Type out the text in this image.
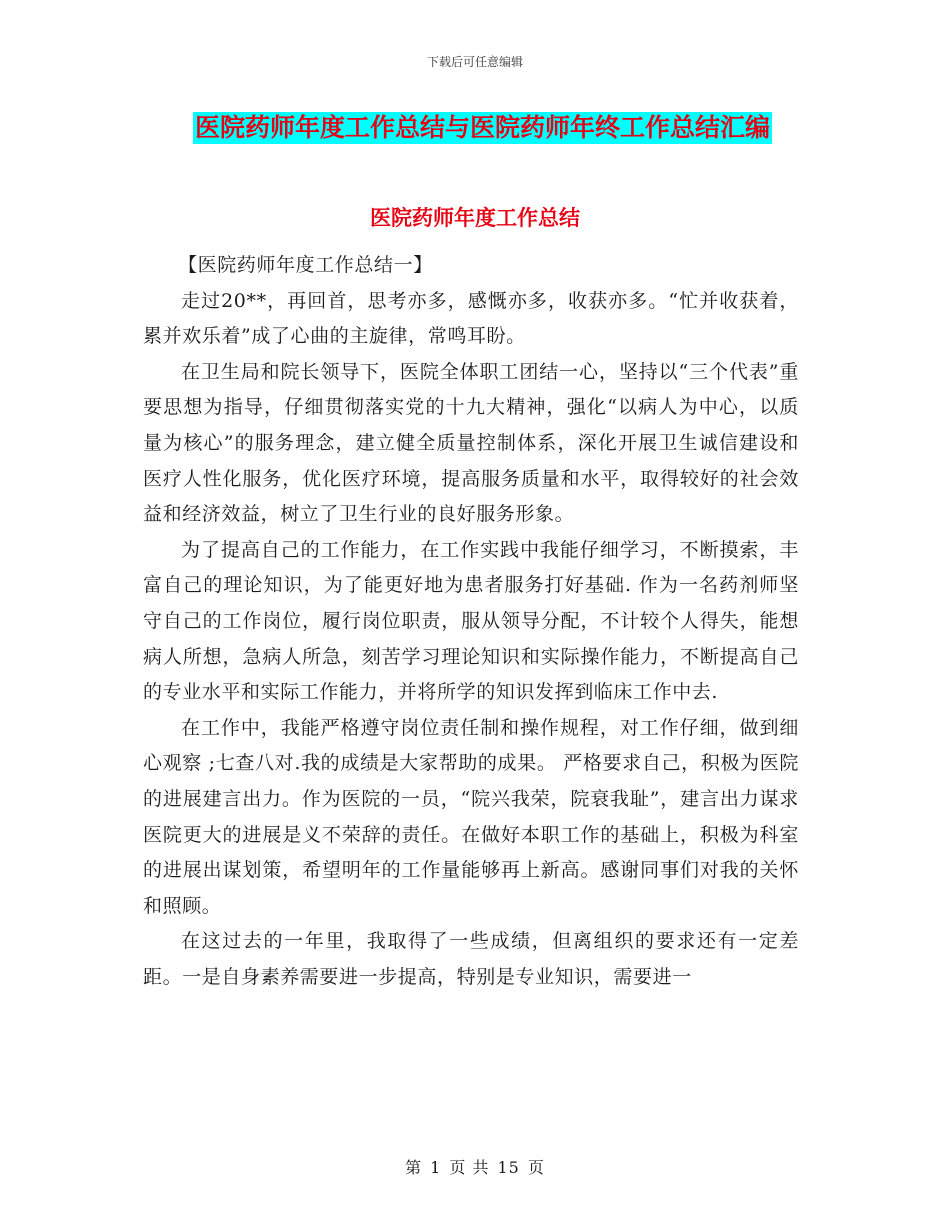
下载后可任意编辑
医院药师年度工作总结与医院药师年终工作总结汇编
医院药师年度工作总结

【医院药师年度工作总结一】

走过20**，再回首，思考亦多，感慨亦多，收获亦多。“忙并收获着，累并欢乐着”成了心曲的主旋律，常鸣耳盼。

在卫生局和院长领导下，医院全体职工团结一心，坚持以“三个代表”重要思想为指导，仔细贯彻落实党的十九大精神，强化“以病人为中心，以质量为核心”的服务理念，建立健全质量控制体系，深化开展卫生诚信建设和医疗人性化服务，优化医疗环境，提高服务质量和水平，取得较好的社会效益和经济效益，树立了卫生行业的良好服务形象。

为了提高自己的工作能力，在工作实践中我能仔细学习，不断摸索，丰富自己的理论知识，为了能更好地为患者服务打好基础. 作为一名药剂师坚守自己的工作岗位，履行岗位职责，服从领导分配，不计较个人得失，能想病人所想，急病人所急，刻苦学习理论知识和实际操作能力，不断提高自己的专业水平和实际工作能力，并将所学的知识发挥到临床工作中去.

在工作中，我能严格遵守岗位责任制和操作规程，对工作仔细，做到细心观察 ;七查八对.我的成绩是大家帮助的成果。 严格要求自己，积极为医院的进展建言出力。作为医院的一员，“院兴我荣，院衰我耻”，建言出力谋求医院更大的进展是义不荣辞的责任。在做好本职工作的基础上，积极为科室的进展出谋划策，希望明年的工作量能够再上新高。感谢同事们对我的关怀和照顾。

在这过去的一年里，我取得了一些成绩，但离组织的要求还有一定差距。一是自身素养需要进一步提高，特别是专业知识，需要进一

第 1 页 共 15 页
